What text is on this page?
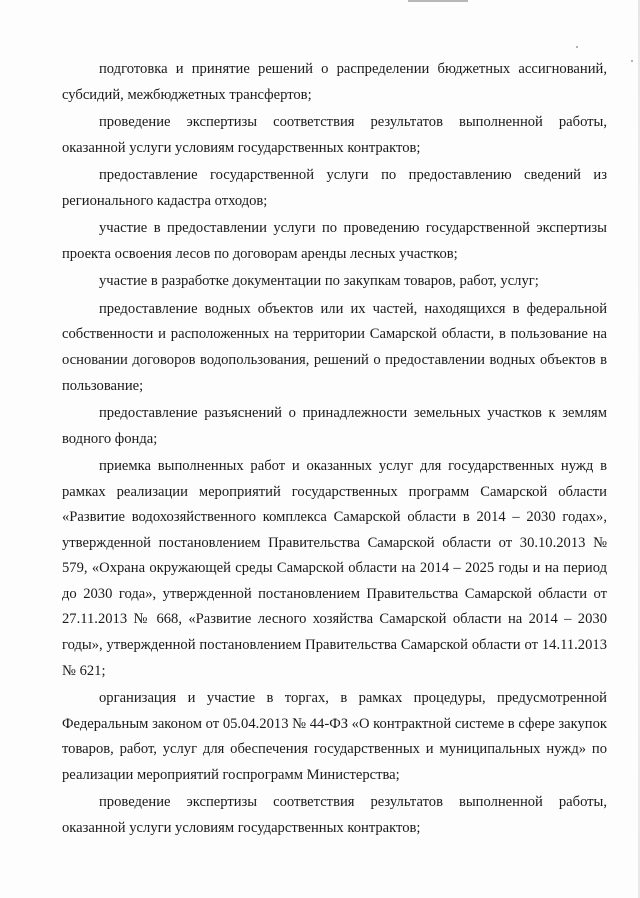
подготовка и принятие решений о распределении бюджетных ассигнований, субсидий, межбюджетных трансфертов;

проведение экспертизы соответствия результатов выполненной работы, оказанной услуги условиям государственных контрактов;

предоставление государственной услуги по предоставлению сведений из регионального кадастра отходов;

участие в предоставлении услуги по проведению государственной экспертизы проекта освоения лесов по договорам аренды лесных участков;

участие в разработке документации по закупкам товаров, работ, услуг;

предоставление водных объектов или их частей, находящихся в федеральной собственности и расположенных на территории Самарской области, в пользование на основании договоров водопользования, решений о предоставлении водных объектов в пользование;

предоставление разъяснений о принадлежности земельных участков к землям водного фонда;

приемка выполненных работ и оказанных услуг для государственных нужд в рамках реализации мероприятий государственных программ Самарской области «Развитие водохозяйственного комплекса Самарской области в 2014 – 2030 годах», утвержденной постановлением Правительства Самарской области от 30.10.2013 № 579, «Охрана окружающей среды Самарской области на 2014 – 2025 годы и на период до 2030 года», утвержденной постановлением Правительства Самарской области от 27.11.2013 № 668, «Развитие лесного хозяйства Самарской области на 2014 – 2030 годы», утвержденной постановлением Правительства Самарской области от 14.11.2013 № 621;

организация и участие в торгах, в рамках процедуры, предусмотренной Федеральным законом от 05.04.2013 № 44-ФЗ «О контрактной системе в сфере закупок товаров, работ, услуг для обеспечения государственных и муниципальных нужд» по реализации мероприятий госпрограмм Министерства;

проведение экспертизы соответствия результатов выполненной работы, оказанной услуги условиям государственных контрактов;
